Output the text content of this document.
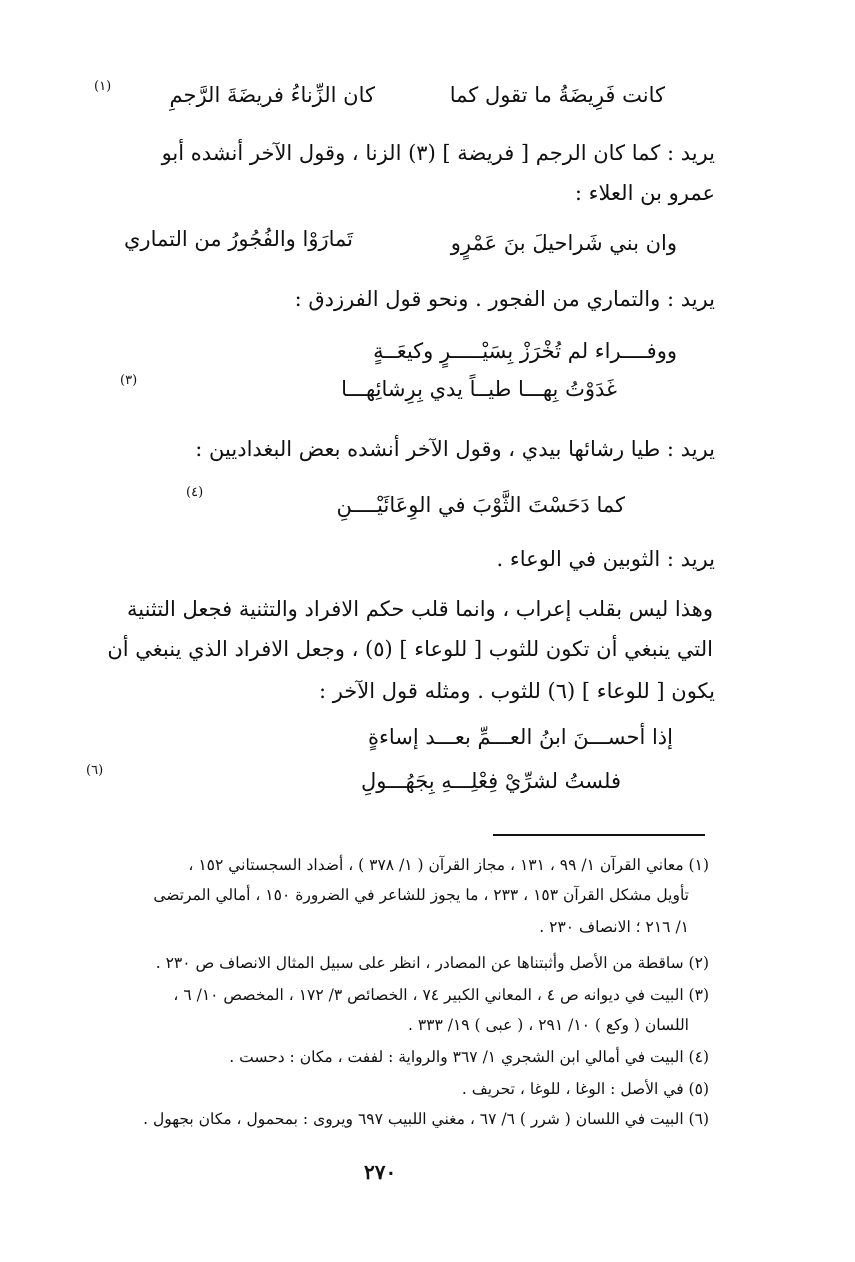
كانت فَرِيضَةُ ما تقول كما
$^{(١)}$	كان الزِّناءُ فريضَةَ الرَّجمِ
يريد : كما كان الرجم [ فريضة ] (٣) الزنا ، وقول الآخر أنشده أبو
عمرو بن العلاء :
وان بني شَراحيلَ بنَ عَمْرٍو
تَمارَوْا والفُجُورُ من التماري
يريد : والتماري من الفجور . ونحو قول الفرزدق :
ووفــــراء لم تُخْرَزْ بِسَيْـــــرٍ وكيعَــةٍ
غَدَوْتُ بِهـــا طيــاً يدي بِرِشائِهـــا
$^{(٣)}$
يريد : طيا رشائها بيدي ، وقول الآخر أنشده بعض البغداديين :
كما دَحَسْتَ الثَّوْبَ في الوِعَائَيْــــنِ
$^{(٤)}$
يريد : الثوبين في الوعاء .
وهذا ليس بقلب إعراب ، وانما قلب حكم الافراد والتثنية فجعل التثنية
التي ينبغي أن تكون للثوب [ للوعاء ] (٥) ، وجعل الافراد الذي ينبغي أن
يكون [ للوعاء ] (٦) للثوب . ومثله قول الآخر :
إذا أحســـنَ ابنُ العـــمِّ بعـــد إساءةٍ
فلستُ لشرِّيْ فِعْلِـــهِ بِجَهُـــولِ
$^{(٦)}$
(١) معاني القرآن ١/ ٩٩ ، ١٣١ ، مجاز القرآن ( ١/ ٣٧٨ ) ، أضداد السجستاني ١٥٢ ،
تأويل مشكل القرآن ١٥٣ ، ٢٣٣ ، ما يجوز للشاعر في الضرورة ١٥٠ ، أمالي المرتضى
١/ ٢١٦ ؛ الانصاف ٢٣٠ .
(٢) ساقطة من الأصل وأثبتناها عن المصادر ، انظر على سبيل المثال الانصاف ص ٢٣٠ .
(٣) البيت في ديوانه ص ٤ ، المعاني الكبير ٧٤ ، الخصائص ٣/ ١٧٢ ، المخصص ١٠/ ٦ ،
اللسان ( وكع ) ١٠/ ٢٩١ ، ( عبى ) ١٩/ ٣٣٣ .
(٤) البيت في أمالي ابن الشجري ١/ ٣٦٧ والرواية : لففت ، مكان : دحست .
(٥) في الأصل : الوغا ، للوغا ، تحريف .
(٦) البيت في اللسان ( شرر ) ٦/ ٦٧ ، مغني اللبيب ٦٩٧ ويروى : بمحمول ، مكان بجهول .
٢٧٠
